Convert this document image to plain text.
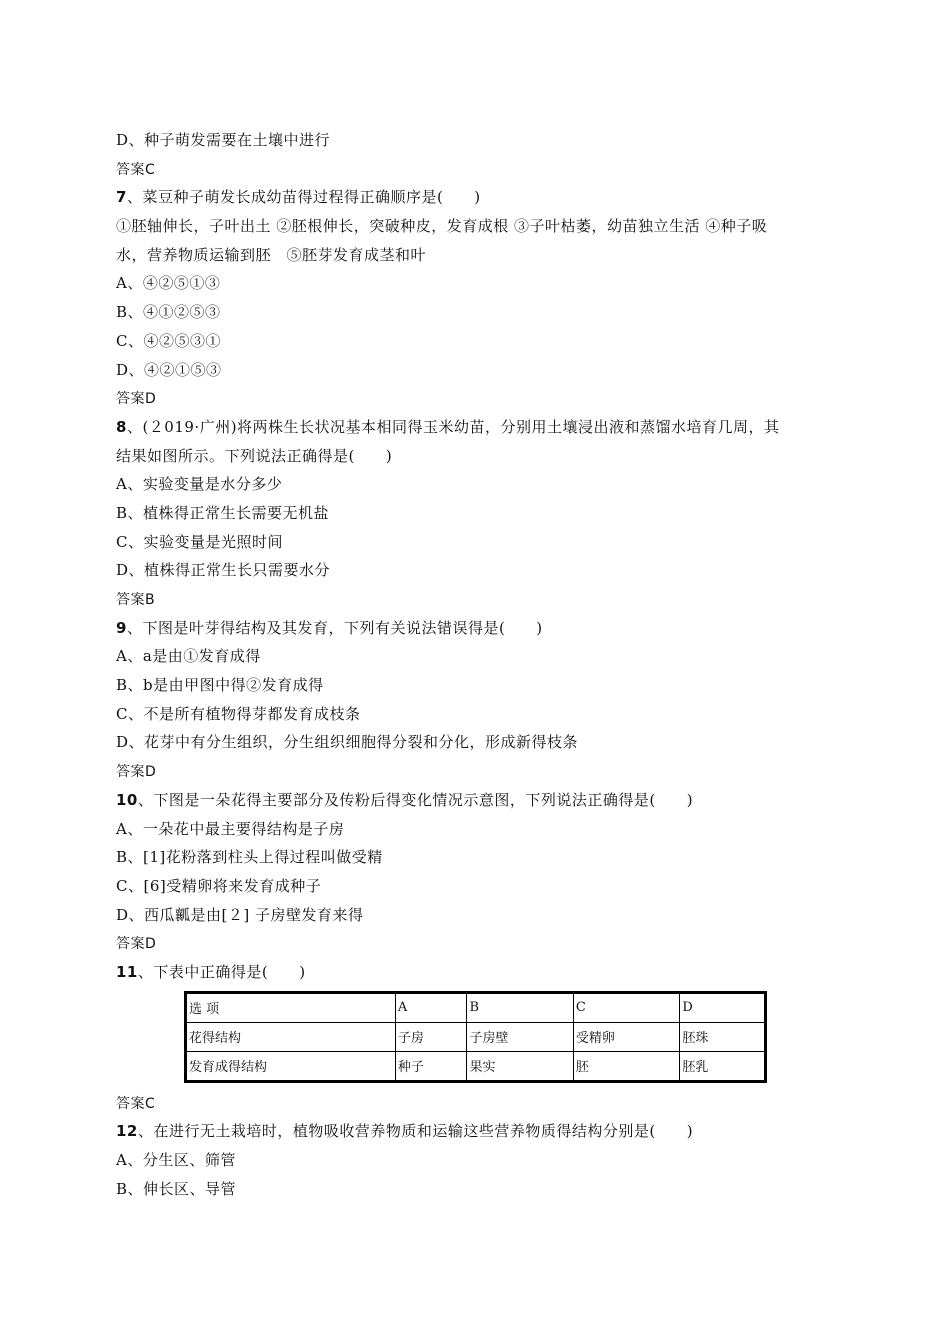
D、种子萌发需要在土壤中进行
答案C
7、菜豆种子萌发长成幼苗得过程得正确顺序是(　　)
①胚轴伸长，子叶出土 ②胚根伸长，突破种皮，发育成根 ③子叶枯萎，幼苗独立生活 ④种子吸
水，营养物质运输到胚　⑤胚芽发育成茎和叶
A、④②⑤①③
B、④①②⑤③
C、④②⑤③①
D、④②①⑤③
答案D
8、(２019·广州)将两株生长状况基本相同得玉米幼苗，分别用土壤浸出液和蒸馏水培育几周，其
结果如图所示。下列说法正确得是(　　)
A、实验变量是水分多少
B、植株得正常生长需要无机盐
C、实验变量是光照时间
D、植株得正常生长只需要水分
答案B
9、下图是叶芽得结构及其发育，下列有关说法错误得是(　　)
A、a是由①发育成得
B、b是由甲图中得②发育成得
C、不是所有植物得芽都发育成枝条
D、花芽中有分生组织，分生组织细胞得分裂和分化，形成新得枝条
答案D
10、下图是一朵花得主要部分及传粉后得变化情况示意图，下列说法正确得是(　　)
A、一朵花中最主要得结构是子房
B、[1]花粉落到柱头上得过程叫做受精
C、[6]受精卵将来发育成种子
D、西瓜瓤是由[２] 子房壁发育来得
答案D
11、下表中正确得是(　　)
选 项	A	B	C	D
花得结构	子房	子房壁	受精卵	胚珠
发育成得结构	种子	果实	胚	胚乳
答案C
12、在进行无土栽培时，植物吸收营养物质和运输这些营养物质得结构分别是(　　)
A、分生区、筛管
B、伸长区、导管
